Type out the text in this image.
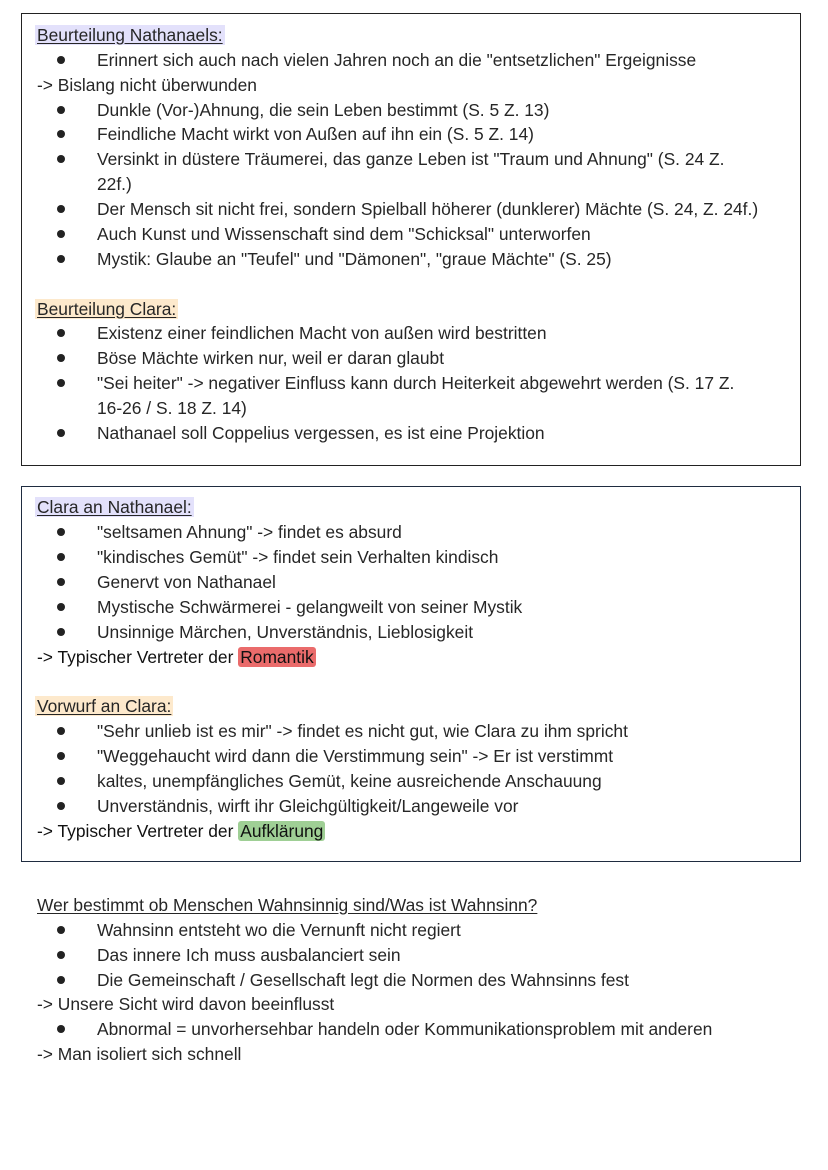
Beurteilung Nathanaels:
Erinnert sich auch nach vielen Jahren noch an die "entsetzlichen" Ergeignisse
-> Bislang nicht überwunden
Dunkle (Vor-)Ahnung, die sein Leben bestimmt (S. 5 Z. 13)
Feindliche Macht wirkt von Außen auf ihn ein (S. 5 Z. 14)
Versinkt in düstere Träumerei, das ganze Leben ist "Traum und Ahnung" (S. 24 Z.
22f.)
Der Mensch sit nicht frei, sondern Spielball höherer (dunklerer) Mächte (S. 24, Z. 24f.)
Auch Kunst und Wissenschaft sind dem "Schicksal" unterworfen
Mystik: Glaube an "Teufel" und "Dämonen", "graue Mächte" (S. 25)
Beurteilung Clara:
Existenz einer feindlichen Macht von außen wird bestritten
Böse Mächte wirken nur, weil er daran glaubt
"Sei heiter" -> negativer Einfluss kann durch Heiterkeit abgewehrt werden (S. 17 Z.
16-26 / S. 18 Z. 14)
Nathanael soll Coppelius vergessen, es ist eine Projektion
Clara an Nathanael:
"seltsamen Ahnung" -> findet es absurd
"kindisches Gemüt" -> findet sein Verhalten kindisch
Genervt von Nathanael
Mystische Schwärmerei - gelangweilt von seiner Mystik
Unsinnige Märchen, Unverständnis, Lieblosigkeit
-> Typischer Vertreter der Romantik
Vorwurf an Clara:
"Sehr unlieb ist es mir" -> findet es nicht gut, wie Clara zu ihm spricht
"Weggehaucht wird dann die Verstimmung sein" -> Er ist verstimmt
kaltes, unempfängliches Gemüt, keine ausreichende Anschauung
Unverständnis, wirft ihr Gleichgültigkeit/Langeweile vor
-> Typischer Vertreter der Aufklärung
Wer bestimmt ob Menschen Wahnsinnig sind/Was ist Wahnsinn?
Wahnsinn entsteht wo die Vernunft nicht regiert
Das innere Ich muss ausbalanciert sein
Die Gemeinschaft / Gesellschaft legt die Normen des Wahnsinns fest
-> Unsere Sicht wird davon beeinflusst
Abnormal = unvorhersehbar handeln oder Kommunikationsproblem mit anderen
-> Man isoliert sich schnell
